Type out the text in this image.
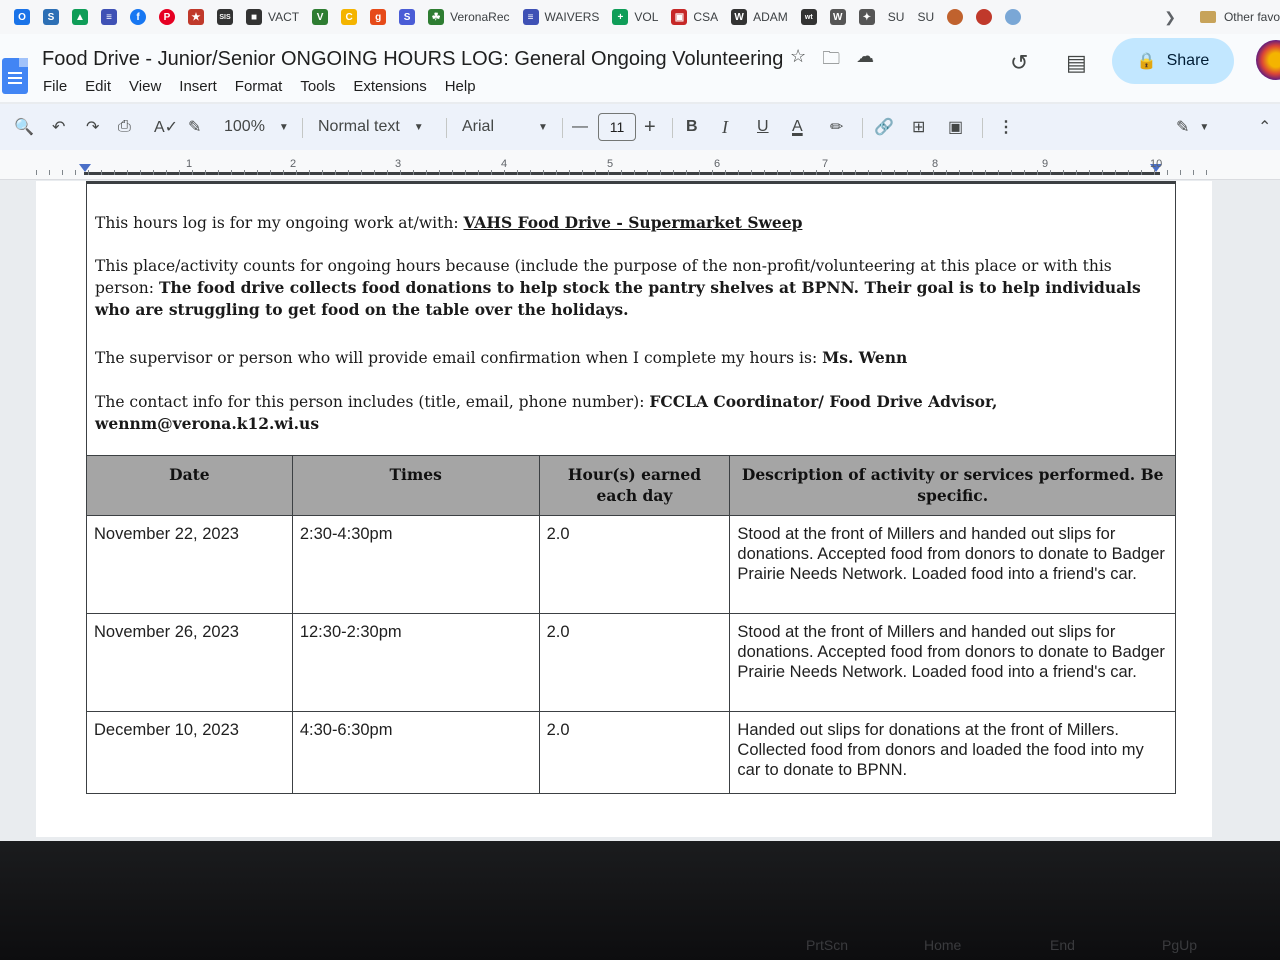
O	S	▲	≡	f	P	★	SIS	■ VACT	V	C	g	S	☘ VeronaRec	≡ WAIVERS	+ VOL	▣ CSA	W ADAM	wt	W	✦	SU SU	❯	Other favo
Food Drive - Junior/Senior ONGOING HOURS LOG: General Ongoing Volunteering ☆ 🗀 ☁
File Edit View Insert Format Tools Extensions Help
↺ ▤	🔒 Share
🔍 ↶ ↷ ⎙ A✓ ✎ 100% ▼ Normal text ▼ Arial	▼ —	11 + B I U A ✏ 🔗 ⊞ ▣ ⋮	✎ ▼	⌃
1	2	3	4	5	6	7	8	9	10

This hours log is for my ongoing work at/with: VAHS Food Drive - Supermarket Sweep

This place/activity counts for ongoing hours because (include the purpose of the non-profit/volunteering at this place or with this person: The food drive collects food donations to help stock the pantry shelves at BPNN. Their goal is to help individuals who are struggling to get food on the table over the holidays.

The supervisor or person who will provide email confirmation when I complete my hours is: Ms. Wenn

The contact info for this person includes (title, email, phone number): FCCLA Coordinator/ Food Drive Advisor, wennm@verona.k12.wi.us

Date	Times	Hour(s) earned each day	Description of activity or services performed. Be specific.
November 22, 2023	2:30-4:30pm	2.0	Stood at the front of Millers and handed out slips for donations. Accepted food from donors to donate to Badger Prairie Needs Network. Loaded food into a friend's car.
November 26, 2023	12:30-2:30pm	2.0	Stood at the front of Millers and handed out slips for donations. Accepted food from donors to donate to Badger Prairie Needs Network. Loaded food into a friend's car.
December 10, 2023	4:30-6:30pm	2.0	Handed out slips for donations at the front of Millers. Collected food from donors and loaded the food into my car to donate to BPNN.
PrtScn	Home	End	PgUp
